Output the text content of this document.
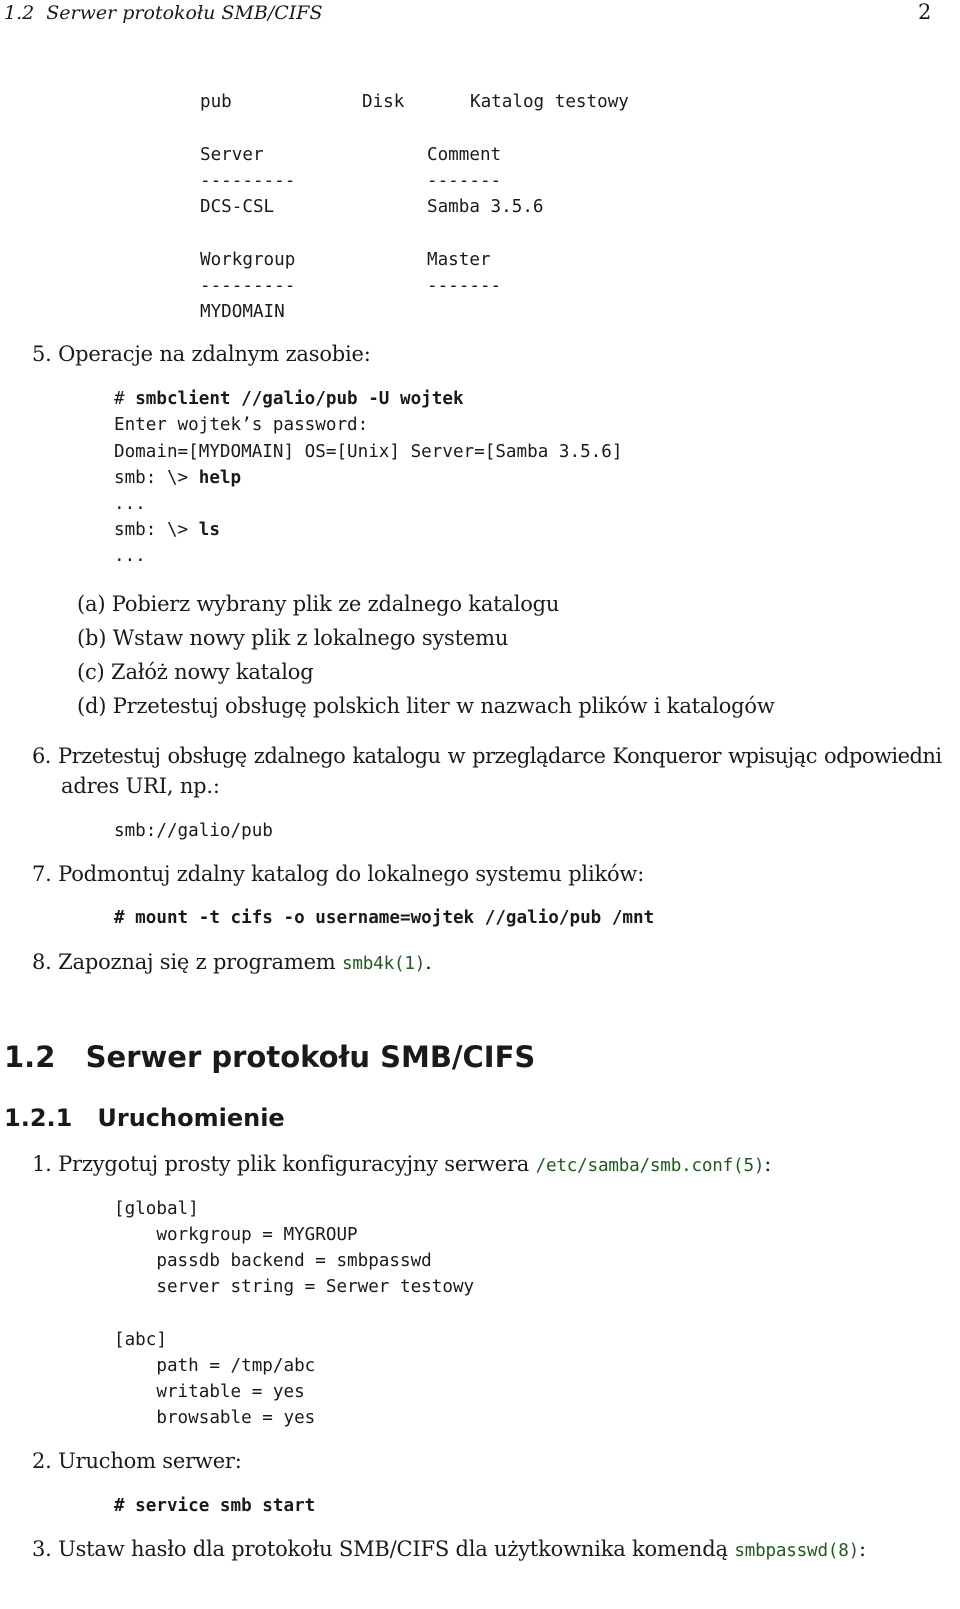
1.2  Serwer protokołu SMB/CIFS	2
pub	Disk	Katalog testowy
Server	Comment
---------	-------
DCS-CSL	Samba 3.5.6
Workgroup	Master
---------	-------
MYDOMAIN
5. Operacje na zdalnym zasobie:
# smbclient //galio/pub -U wojtek
Enter wojtek’s password:
Domain=[MYDOMAIN] OS=[Unix] Server=[Samba 3.5.6]
smb: \> help
...
smb: \> ls
...
(a) Pobierz wybrany plik ze zdalnego katalogu
(b) Wstaw nowy plik z lokalnego systemu
(c) Załóż nowy katalog
(d) Przetestuj obsługę polskich liter w nazwach plików i katalogów
6. Przetestuj obsługę zdalnego katalogu w przeglądarce Konqueror wpisując odpowiedni
adres URI, np.:
smb://galio/pub
7. Podmontuj zdalny katalog do lokalnego systemu plików:
# mount -t cifs -o username=wojtek //galio/pub /mnt
8. Zapoznaj się z programem smb4k(1).
1.2   Serwer protokołu SMB/CIFS
1.2.1   Uruchomienie
1. Przygotuj prosty plik konfiguracyjny serwera /etc/samba/smb.conf(5):
[global]
workgroup = MYGROUP
passdb backend = smbpasswd
server string = Serwer testowy
[abc]
path = /tmp/abc
writable = yes
browsable = yes
2. Uruchom serwer:
# service smb start
3. Ustaw hasło dla protokołu SMB/CIFS dla użytkownika komendą smbpasswd(8):
